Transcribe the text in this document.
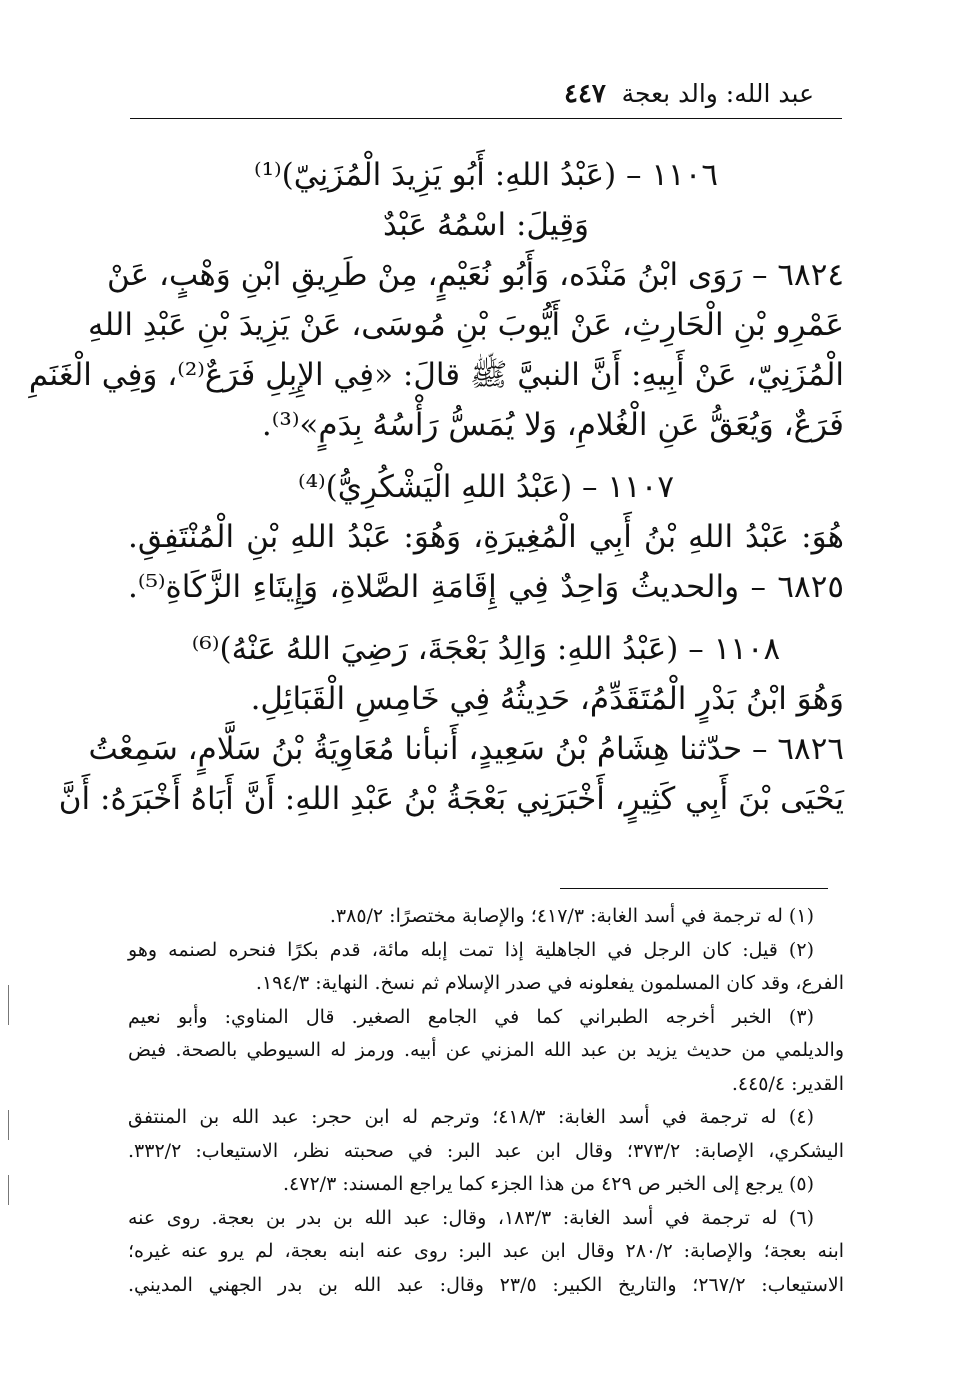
عبد الله: والد بعجة
٤٤٧
١١٠٦ – (عَبْدُ اللهِ: أَبُو يَزِيدَ الْمُزَنِيّ)⁽¹⁾
وَقِيلَ: اسْمُهُ عَبْدٌ
٦٨٢٤ – رَوَى ابْنُ مَنْدَه، وَأَبُو نُعَيْمٍ، مِنْ طَرِيقِ ابْنِ وَهْبٍ، عَنْ
عَمْرِو بْنِ الْحَارِثِ، عَنْ أَيُّوبَ بْنِ مُوسَى، عَنْ يَزِيدَ بْنِ عَبْدِ اللهِ
الْمُزَنِيّ، عَنْ أَبِيهِ: أَنَّ النبيَّ ﷺ قالَ: «فِي الإِبِلِ فَرَعٌ⁽²⁾، وَفِي الْغَنَمِ
فَرَعٌ، وَيُعَقُّ عَنِ الْغُلامِ، وَلا يُمَسُّ رَأْسُهُ بِدَمٍ»⁽³⁾.
١١٠٧ – (عَبْدُ اللهِ الْيَشْكُرِيُّ)⁽⁴⁾
هُوَ: عَبْدُ اللهِ بْنُ أَبِي الْمُغِيرَةِ، وَهُوَ: عَبْدُ اللهِ بْنِ الْمُنْتَفِقِ.
٦٨٢٥ – والحديثُ وَاحِدٌ فِي إِقَامَةِ الصَّلاةِ، وَإِيتَاءِ الزَّكَاةِ⁽⁵⁾.
١١٠٨ – (عَبْدُ اللهِ: وَالِدُ بَعْجَةَ، رَضِيَ اللهُ عَنْهُ)⁽⁶⁾
وَهُوَ ابْنُ بَدْرٍ الْمُتَقَدِّمُ، حَدِيثُهُ فِي خَامِسِ الْقَبَائِلِ.
٦٨٢٦ – حدّثنا هِشَامُ بْنُ سَعِيدٍ، أَنبأنا مُعَاوِيَةُ بْنُ سَلَّامٍ، سَمِعْتُ
يَحْيَى بْنَ أَبِي كَثِيرٍ، أَخْبَرَنِي بَعْجَةُ بْنُ عَبْدِ اللهِ: أَنَّ أَبَاهُ أَخْبَرَهُ: أَنَّ
(١) له ترجمة في أسد الغابة: ٤١٧/٣؛ والإصابة مختصرًا: ٣٨٥/٢.
(٢) قيل: كان الرجل في الجاهلية إذا تمت إبله مائة، قدم بكرًا فنحره لصنمه وهو
الفرع، وقد كان المسلمون يفعلونه في صدر الإسلام ثم نسخ. النهاية: ١٩٤/٣.
(٣) الخبر أخرجه الطبراني كما في الجامع الصغير. قال المناوي: وأبو نعيم
والديلمي من حديث يزيد بن عبد الله المزني عن أبيه. ورمز له السيوطي بالصحة. فيض
القدير: ٤٤٥/٤.
(٤) له ترجمة في أسد الغابة: ٤١٨/٣؛ وترجم له ابن حجر: عبد الله بن المنتفق
اليشكري، الإصابة: ٣٧٣/٢؛ وقال ابن عبد البر: في صحبته نظر، الاستيعاب: ٣٣٢/٢.
(٥) يرجع إلى الخبر ص ٤٢٩ من هذا الجزء كما يراجع المسند: ٤٧٢/٣.
(٦) له ترجمة في أسد الغابة: ١٨٣/٣، وقال: عبد الله بن بدر بن بعجة. روى عنه
ابنه بعجة؛ والإصابة: ٢٨٠/٢ وقال ابن عبد البر: روى عنه ابنه بعجة، لم يرو عنه غيره؛
الاستيعاب: ٢٦٧/٢؛ والتاريخ الكبير: ٢٣/٥ وقال: عبد الله بن بدر الجهني المديني.
